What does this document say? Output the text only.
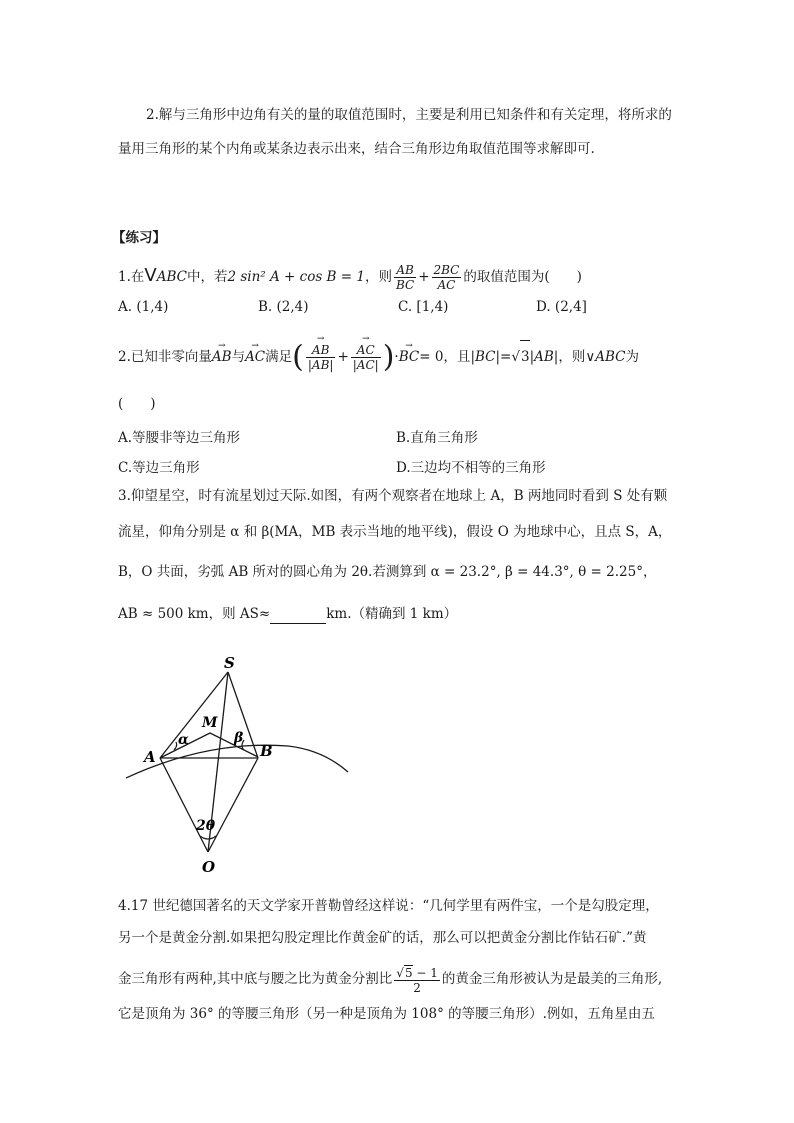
2.解与三角形中边角有关的量的取值范围时，主要是利用已知条件和有关定理，将所求的量用三角形的某个内角或某条边表示出来，结合三角形边角取值范围等求解即可.
【练习】
1.在VABC中，若2 sin² A + cos B = 1，则 $\frac{AB}{BC} + \frac{2BC}{AC}$ 的取值范围为(　　)
A. (1,4)	B. (2,4)	C. [1,4)	D. (2,4]
2.已知非零向量→ AB与→ AC满足( → $\frac{AB}{|AB|}$ + → $\frac{AC}{|AC|}$ )·→ BC= 0，且|BC|=√3|AB|，则∨ABC为
(　　)
A.等腰非等边三角形	B.直角三角形
C.等边三角形	D.三边均不相等的三角形
3.仰望星空，时有流星划过天际.如图，有两个观察者在地球上 A，B 两地同时看到 S 处有颗
流星，仰角分别是 α 和 β(MA，MB 表示当地的地平线)，假设 O 为地球中心，且点 S，A，
B，O 共面，劣弧 AB 所对的圆心角为 2θ.若测算到 α = 23.2°, β = 44.3°, θ = 2.25°，
AB ≈ 500 km，则 AS≈	km.（精确到 1 km）
S
M
A	B
O
α	β
2θ
4.17 世纪德国著名的天文学家开普勒曾经这样说：“几何学里有两件宝，一个是勾股定理，
另一个是黄金分割.如果把勾股定理比作黄金矿的话，那么可以把黄金分割比作钻石矿.”黄
金三角形有两种,其中底与腰之比为黄金分割比 $\frac{√5 - 1}{2}$ 的黄金三角形被认为是最美的三角形,
它是顶角为 36° 的等腰三角形（另一种是顶角为 108° 的等腰三角形）.例如，五角星由五
